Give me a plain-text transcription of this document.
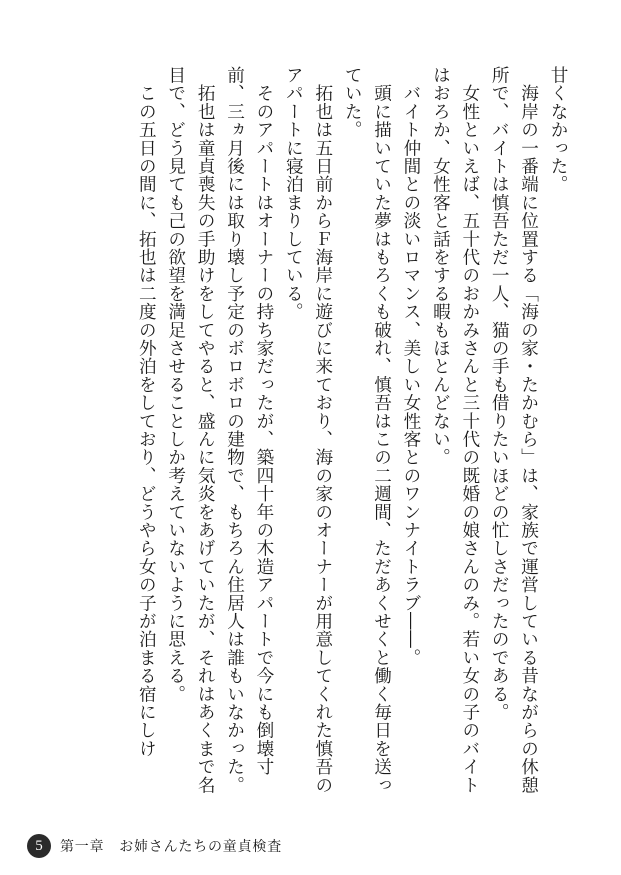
甘くなかった。

　海岸の一番端に位置する「海の家・たかむら」は、家族で運営している昔ながらの休憩所で、バイトは慎吾ただ一人、猫の手も借りたいほどの忙しさだったのである。

　女性といえば、五十代のおかみさんと三十代の既婚の娘さんのみ。若い女の子のバイトはおろか、女性客と話をする暇もほとんどない。

　バイト仲間との淡いロマンス、美しい女性客とのワンナイトラブ――。

　頭に描いていた夢はもろくも破れ、慎吾はこの二週間、ただあくせくと働く毎日を送っていた。

　拓也は五日前からＦ海岸に遊びに来ており、海の家のオーナーが用意してくれた慎吾のアパートに寝泊まりしている。

　そのアパートはオーナーの持ち家だったが、築四十年の木造アパートで今にも倒壊寸前、三ヵ月後には取り壊し予定のボロボロの建物で、もちろん住居人は誰もいなかった。

　拓也は童貞喪失の手助けをしてやると、盛んに気炎をあげていたが、それはあくまで名目で、どう見ても己の欲望を満足させることしか考えていないように思える。

　この五日の間に、拓也は二度の外泊をしており、どうやら女の子が泊まる宿にしけ

5	第一章　お姉さんたちの童貞検査
